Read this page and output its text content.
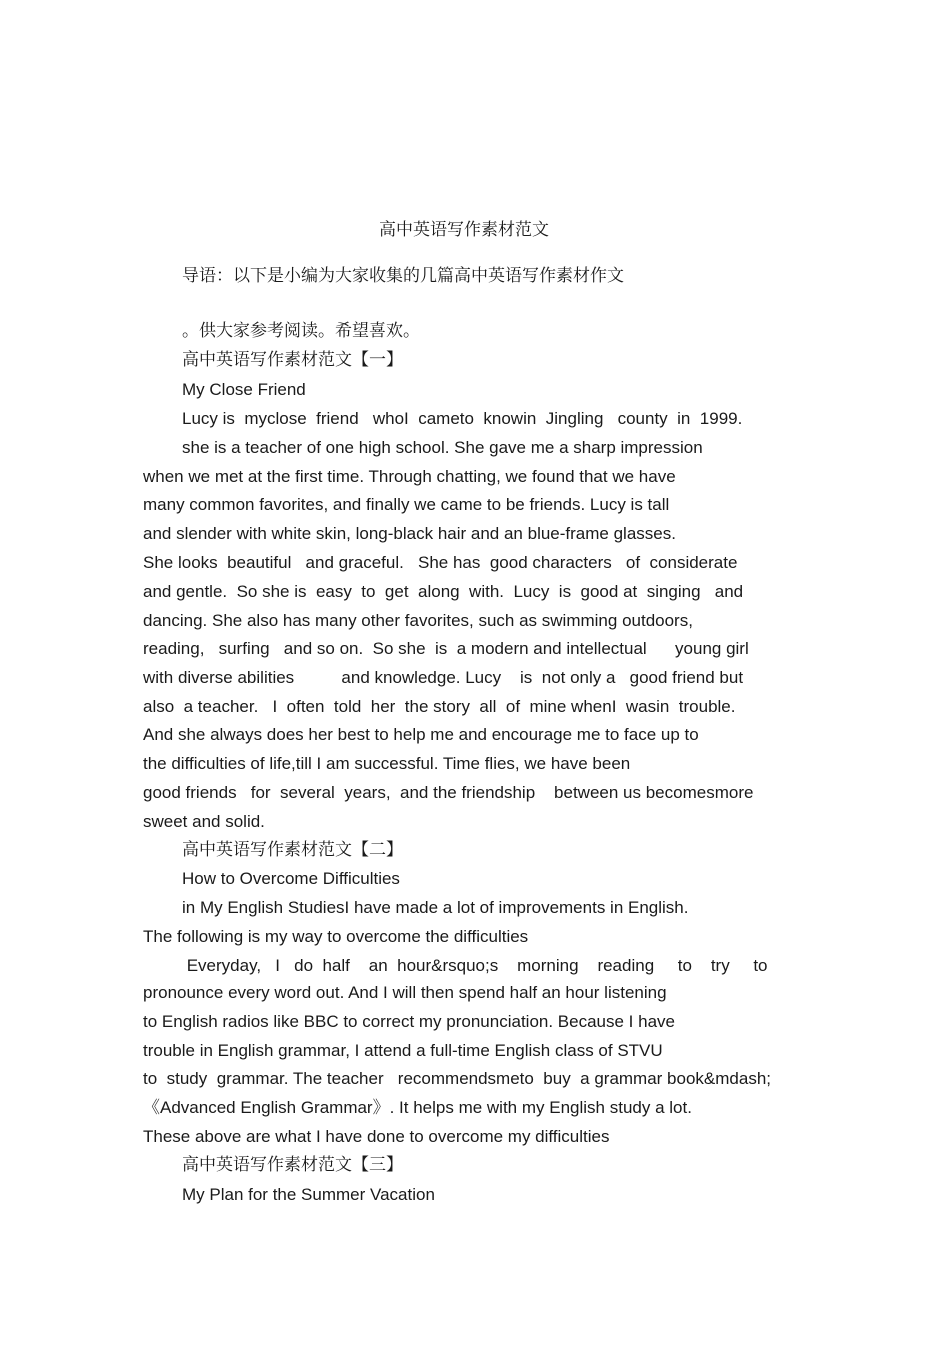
高中英语写作素材范文
导语：以下是小编为大家收集的几篇高中英语写作素材作文
。供大家参考阅读。希望喜欢。
高中英语写作素材范文【一】
My Close Friend
Lucy is  myclose  friend   whoI  cameto  knowin  Jingling   county  in  1999.
she is a teacher of one high school. She gave me a sharp impression
when we met at the first time. Through chatting, we found that we have
many common favorites, and finally we came to be friends. Lucy is tall
and slender with white skin, long-black hair and an blue-frame glasses.
She looks  beautiful   and graceful.   She has  good characters   of  considerate
and gentle.  So she is  easy  to  get  along  with.  Lucy  is  good at  singing   and
dancing. She also has many other favorites, such as swimming outdoors,
reading,   surfing   and so on.  So she  is  a modern and intellectual      young girl
with diverse abilities          and knowledge. Lucy    is  not only a   good friend but
also  a teacher.   I  often  told  her  the story  all  of  mine whenI  wasin  trouble.
And she always does her best to help me and encourage me to face up to
the difficulties of life,till I am successful. Time flies, we have been
good friends   for  several  years,  and the friendship    between us becomesmore
sweet and solid.
高中英语写作素材范文【二】
How to Overcome Difficulties
in My English StudiesI have made a lot of improvements in English.
The following is my way to overcome the difficulties
Everyday,   I   do  half    an  hour&rsquo;s    morning    reading     to    try     to
pronounce every word out. And I will then spend half an hour listening
to English radios like BBC to correct my pronunciation. Because I have
trouble in English grammar, I attend a full-time English class of STVU
to  study  grammar. The teacher   recommendsmeto  buy  a grammar book&mdash;
《Advanced English Grammar》. It helps me with my English study a lot.
These above are what I have done to overcome my difficulties
高中英语写作素材范文【三】
My Plan for the Summer Vacation
